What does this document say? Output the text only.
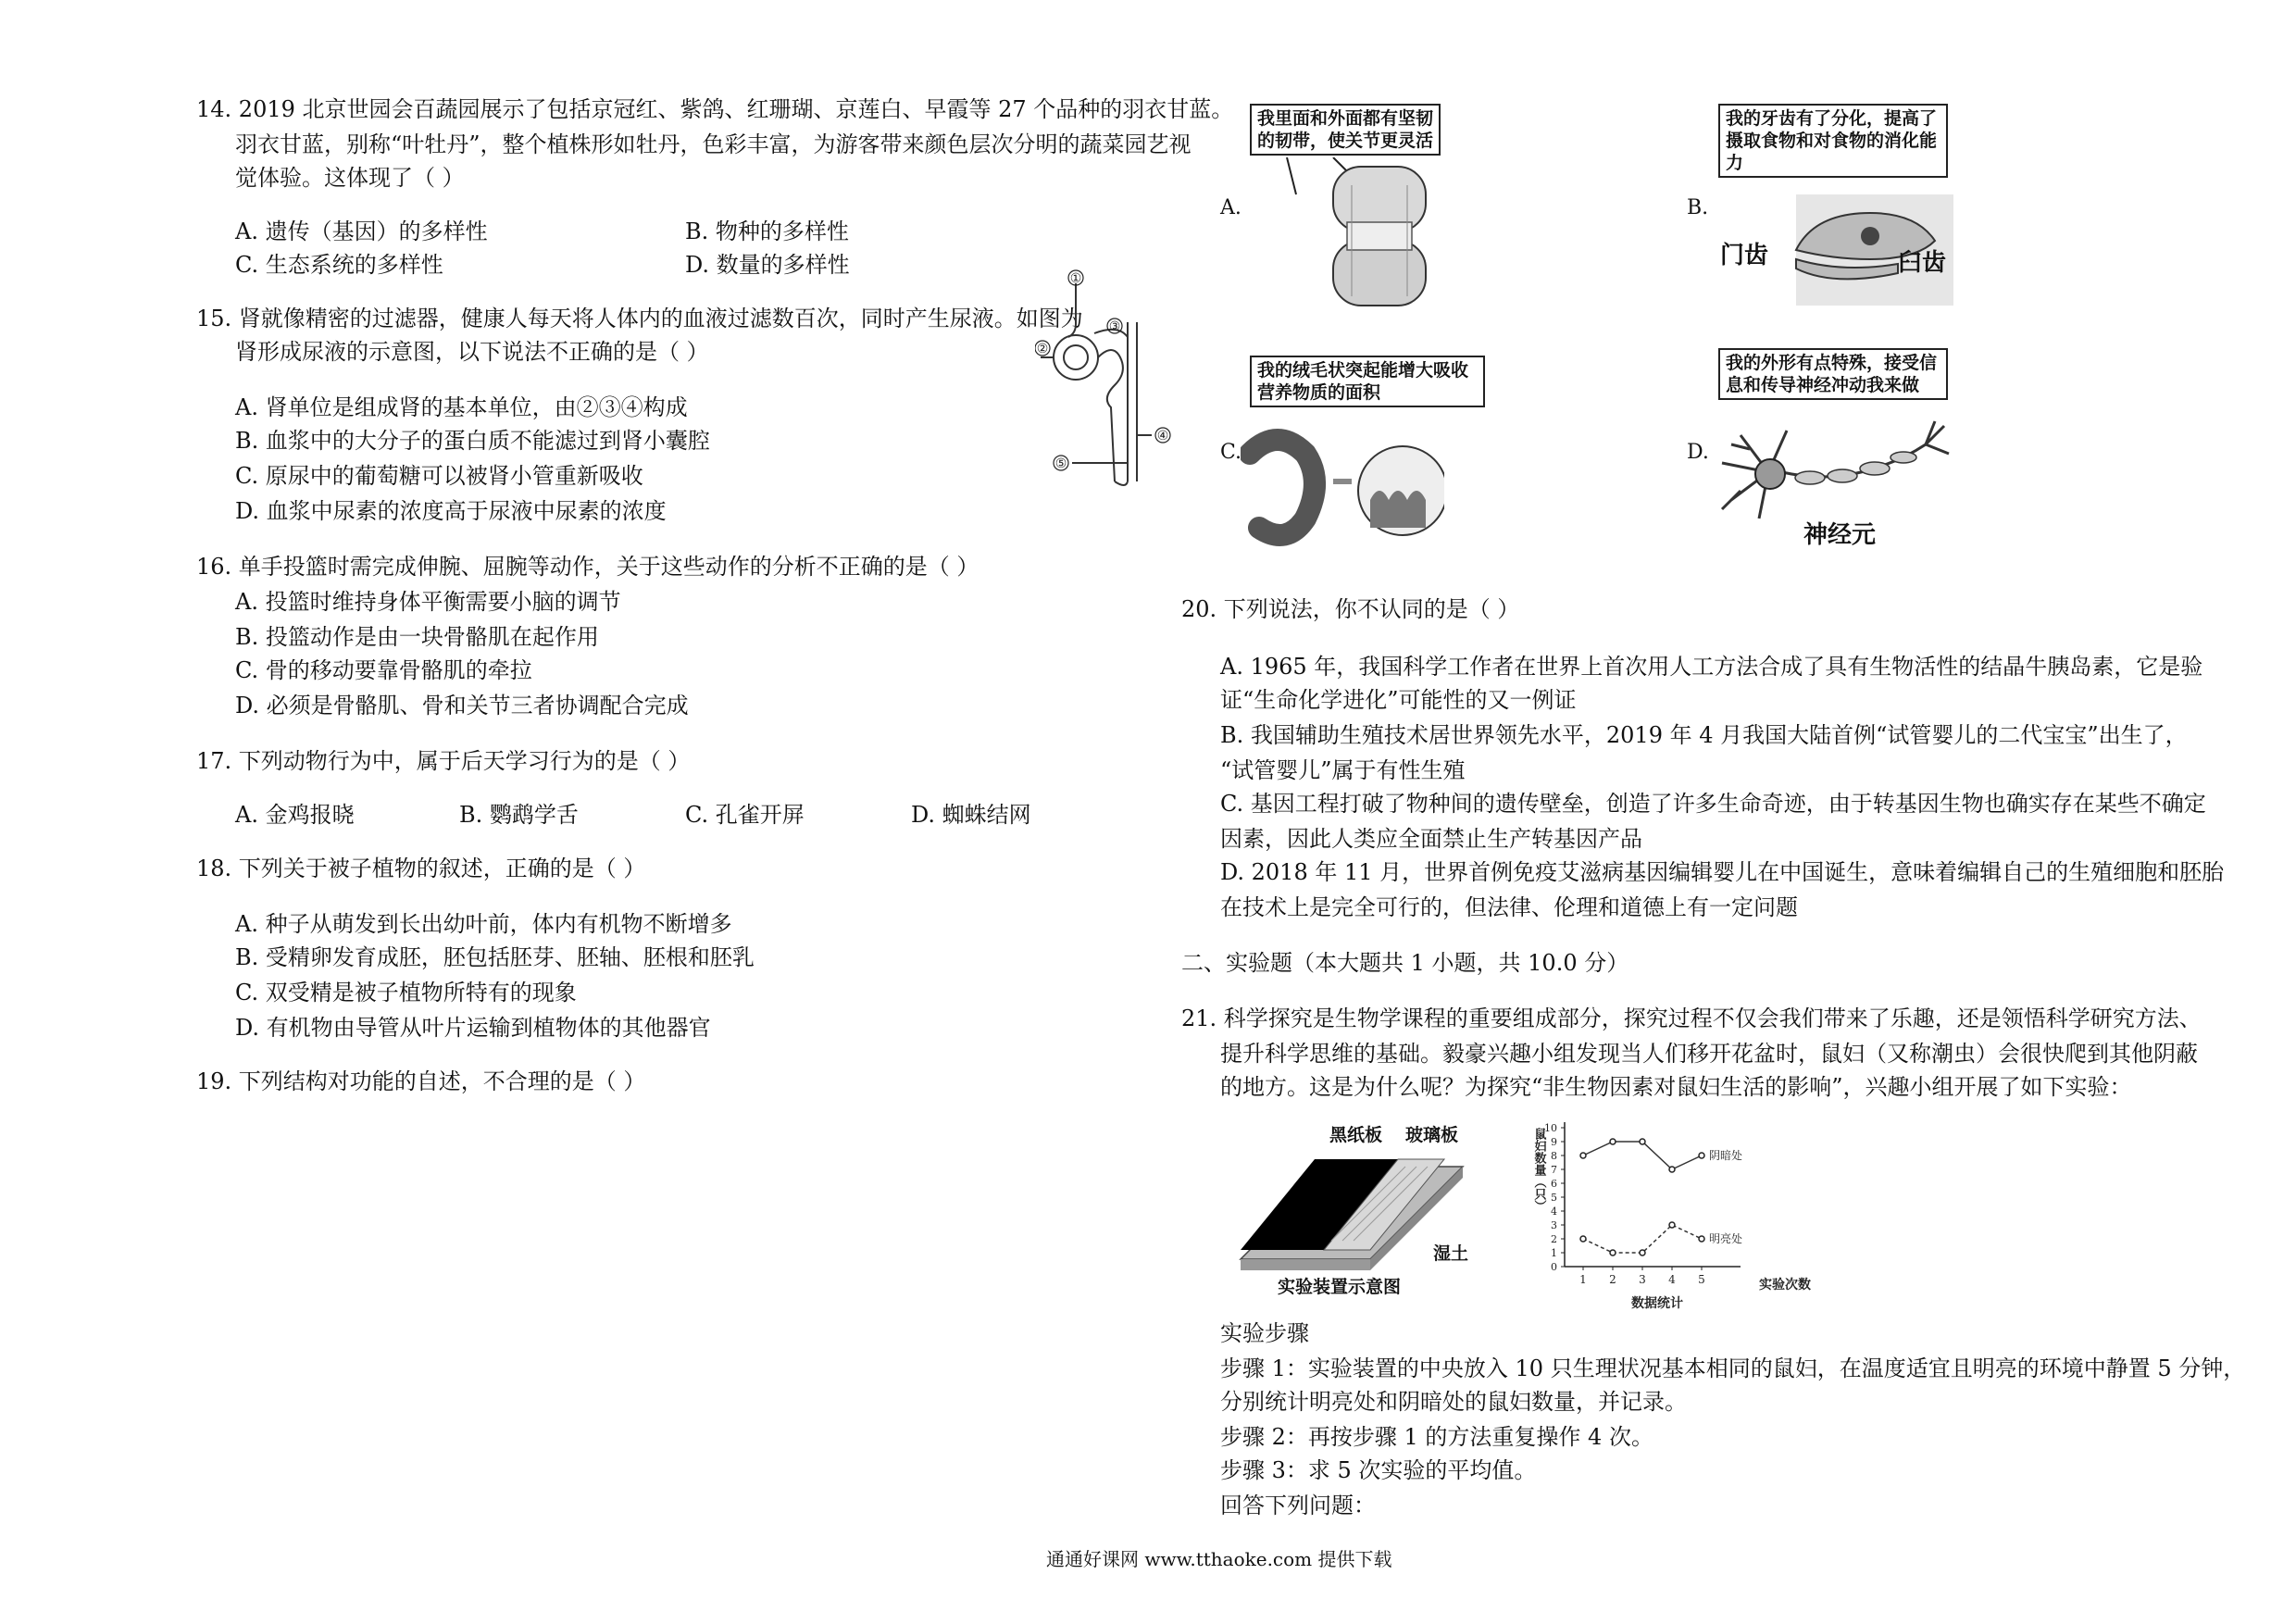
14. 2019 北京世园会百蔬园展示了包括京冠红、紫鸽、红珊瑚、京莲白、早霞等 27 个品种的羽衣甘蓝。
羽衣甘蓝，别称“叶牡丹”，整个植株形如牡丹，色彩丰富，为游客带来颜色层次分明的蔬菜园艺视
觉体验。这体现了（ ）
A. 遗传（基因）的多样性	B. 物种的多样性
C. 生态系统的多样性	D. 数量的多样性
15. 肾就像精密的过滤器，健康人每天将人体内的血液过滤数百次，同时产生尿液。如图为
肾形成尿液的示意图，以下说法不正确的是（ ）
A. 肾单位是组成肾的基本单位，由②③④构成
B. 血浆中的大分子的蛋白质不能滤过到肾小囊腔
C. 原尿中的葡萄糖可以被肾小管重新吸收
D. 血浆中尿素的浓度高于尿液中尿素的浓度
①
②
③
④
⑤
16. 单手投篮时需完成伸腕、屈腕等动作，关于这些动作的分析不正确的是（ ）
A. 投篮时维持身体平衡需要小脑的调节
B. 投篮动作是由一块骨骼肌在起作用
C. 骨的移动要靠骨骼肌的牵拉
D. 必须是骨骼肌、骨和关节三者协调配合完成
17. 下列动物行为中，属于后天学习行为的是（ ）
A. 金鸡报晓	B. 鹦鹉学舌	C. 孔雀开屏	D. 蜘蛛结网
18. 下列关于被子植物的叙述，正确的是（ ）
A. 种子从萌发到长出幼叶前，体内有机物不断增多
B. 受精卵发育成胚，胚包括胚芽、胚轴、胚根和胚乳
C. 双受精是被子植物所特有的现象
D. 有机物由导管从叶片运输到植物体的其他器官
19. 下列结构对功能的自述，不合理的是（ ）
A.
我里面和外面都有坚韧的韧带，使关节更灵活
B.
我的牙齿有了分化，提高了摄取食物和对食物的消化能力
门齿	臼齿
C.
我的绒毛状突起能增大吸收营养物质的面积
D.
我的外形有点特殊，接受信息和传导神经冲动我来做
神经元
20. 下列说法，你不认同的是（ ）
A. 1965 年，我国科学工作者在世界上首次用人工方法合成了具有生物活性的结晶牛胰岛素，它是验
证“生命化学进化”可能性的又一例证
B. 我国辅助生殖技术居世界领先水平，2019 年 4 月我国大陆首例“试管婴儿的二代宝宝”出生了，
“试管婴儿”属于有性生殖
C. 基因工程打破了物种间的遗传壁垒，创造了许多生命奇迹，由于转基因生物也确实存在某些不确定
因素，因此人类应全面禁止生产转基因产品
D. 2018 年 11 月，世界首例免疫艾滋病基因编辑婴儿在中国诞生，意味着编辑自己的生殖细胞和胚胎
在技术上是完全可行的，但法律、伦理和道德上有一定问题
二、实验题（本大题共 1 小题，共 10.0 分）
21. 科学探究是生物学课程的重要组成部分，探究过程不仅会我们带来了乐趣，还是领悟科学研究方法、
提升科学思维的基础。毅豪兴趣小组发现当人们移开花盆时，鼠妇（又称潮虫）会很快爬到其他阴蔽
的地方。这是为什么呢？为探究“非生物因素对鼠妇生活的影响”，兴趣小组开展了如下实验：
黑纸板 玻璃板
湿土
实验装置示意图
0
1
2
3
4
5
6
7
8
9
10
1 2 3 4 5
鼠妇数量（只）
实验次数
数据统计
阴暗处
明亮处
实验步骤
步骤 1：实验装置的中央放入 10 只生理状况基本相同的鼠妇，在温度适宜且明亮的环境中静置 5 分钟，
分别统计明亮处和阴暗处的鼠妇数量，并记录。
步骤 2：再按步骤 1 的方法重复操作 4 次。
步骤 3：求 5 次实验的平均值。
回答下列问题：
通通好课网 www.tthaoke.com 提供下载
